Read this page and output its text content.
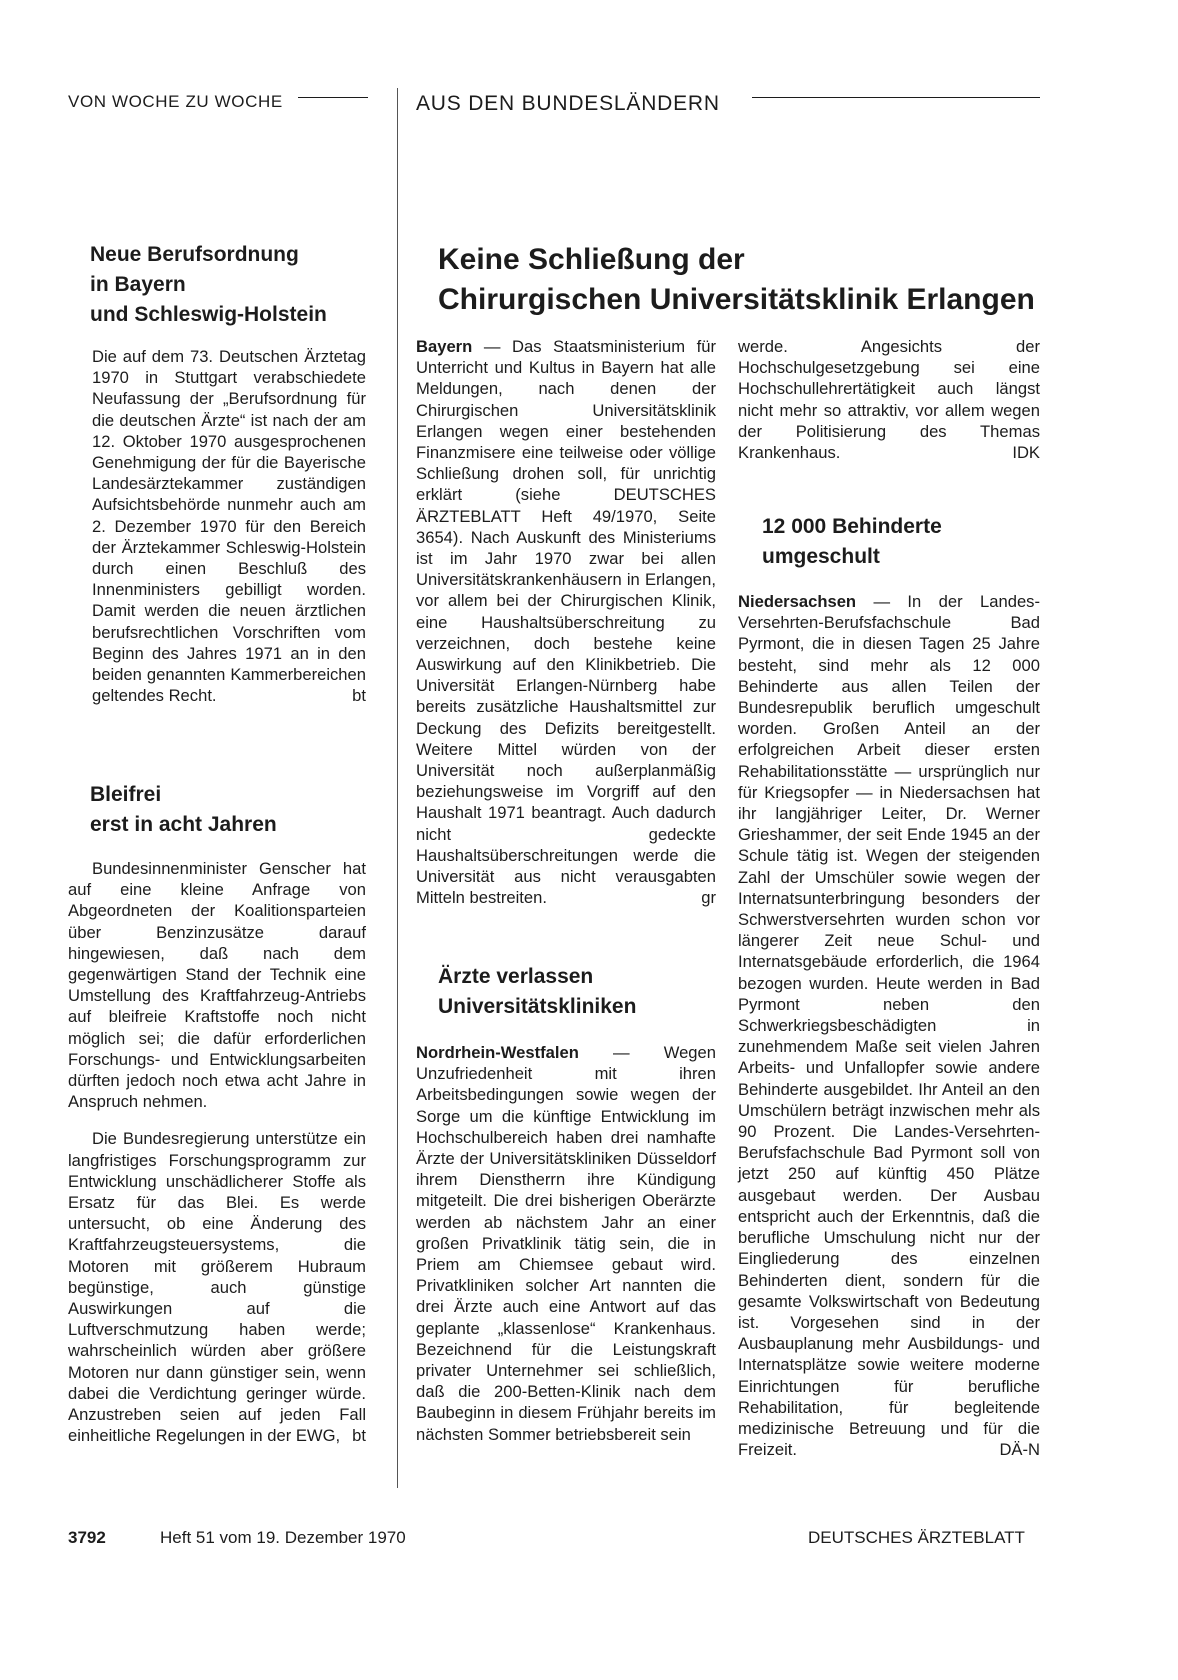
VON WOCHE ZU WOCHE	AUS DEN BUNDESLÄNDERN
Neue Berufsordnung
in Bayern
und Schleswig-Holstein

Die auf dem 73. Deutschen Ärztetag 1970 in Stuttgart verabschiedete Neufassung der „Berufsordnung für die deutschen Ärzte“ ist nach der am 12. Oktober 1970 ausgesprochenen Genehmigung der für die Bayerische Landesärztekammer zuständigen Aufsichtsbehörde nunmehr auch am 2. Dezember 1970 für den Bereich der Ärztekammer Schleswig-Holstein durch einen Beschluß des Innenministers gebilligt worden. Damit werden die neuen ärztlichen berufsrechtlichen Vorschriften vom Beginn des Jahres 1971 an in den beiden genannten Kammerbereichen geltendes Recht.	bt

Bleifrei
erst in acht Jahren

Bundesinnenminister Genscher hat auf eine kleine Anfrage von Abgeordneten der Koalitionsparteien über Benzinzusätze darauf hingewiesen, daß nach dem gegenwärtigen Stand der Technik eine Umstellung des Kraftfahrzeug-Antriebs auf bleifreie Kraftstoffe noch nicht möglich sei; die dafür erforderlichen Forschungs- und Entwicklungsarbeiten dürften jedoch noch etwa acht Jahre in Anspruch nehmen.

Die Bundesregierung unterstütze ein langfristiges Forschungsprogramm zur Entwicklung unschädlicherer Stoffe als Ersatz für das Blei. Es werde untersucht, ob eine Änderung des Kraftfahrzeugsteuersystems, die Motoren mit größerem Hubraum begünstige, auch günstige Auswirkungen auf die Luftverschmutzung haben werde; wahrscheinlich würden aber größere Motoren nur dann günstiger sein, wenn dabei die Verdichtung geringer würde. Anzustreben seien auf jeden Fall einheitliche Regelungen in der EWG, bt

Keine Schließung der
Chirurgischen Universitätsklinik Erlangen

Bayern — Das Staatsministerium für Unterricht und Kultus in Bayern hat alle Meldungen, nach denen der Chirurgischen Universitätsklinik Erlangen wegen einer bestehenden Finanzmisere eine teilweise oder völlige Schließung drohen soll, für unrichtig erklärt (siehe DEUTSCHES ÄRZTEBLATT Heft 49/1970, Seite 3654). Nach Auskunft des Ministeriums ist im Jahr 1970 zwar bei allen Universitätskrankenhäusern in Erlangen, vor allem bei der Chirurgischen Klinik, eine Haushaltsüberschreitung zu verzeichnen, doch bestehe keine Auswirkung auf den Klinikbetrieb. Die Universität Erlangen-Nürnberg habe bereits zusätzliche Haushaltsmittel zur Deckung des Defizits bereitgestellt. Weitere Mittel würden von der Universität noch außerplanmäßig beziehungsweise im Vorgriff auf den Haushalt 1971 beantragt. Auch dadurch nicht gedeckte Haushaltsüberschreitungen werde die Universität aus nicht verausgabten Mitteln bestreiten.	gr

Ärzte verlassen
Universitätskliniken

Nordrhein-Westfalen — Wegen Unzufriedenheit mit ihren Arbeitsbedingungen sowie wegen der Sorge um die künftige Entwicklung im Hochschulbereich haben drei namhafte Ärzte der Universitätskliniken Düsseldorf ihrem Dienstherrn ihre Kündigung mitgeteilt. Die drei bisherigen Oberärzte werden ab nächstem Jahr an einer großen Privatklinik tätig sein, die in Priem am Chiemsee gebaut wird. Privatkliniken solcher Art nannten die drei Ärzte auch eine Antwort auf das geplante „klassenlose“ Krankenhaus. Bezeichnend für die Leistungskraft privater Unternehmer sei schließlich, daß die 200-Betten-Klinik nach dem Baubeginn in diesem Frühjahr bereits im nächsten Sommer betriebsbereit sein

werde. Angesichts der Hochschulgesetzgebung sei eine Hochschullehrertätigkeit auch längst nicht mehr so attraktiv, vor allem wegen der Politisierung des Themas Krankenhaus.	IDK

12 000 Behinderte
umgeschult

Niedersachsen — In der Landes-Versehrten-Berufsfachschule Bad Pyrmont, die in diesen Tagen 25 Jahre besteht, sind mehr als 12 000 Behinderte aus allen Teilen der Bundesrepublik beruflich umgeschult worden. Großen Anteil an der erfolgreichen Arbeit dieser ersten Rehabilitationsstätte — ursprünglich nur für Kriegsopfer — in Niedersachsen hat ihr langjähriger Leiter, Dr. Werner Grieshammer, der seit Ende 1945 an der Schule tätig ist. Wegen der steigenden Zahl der Umschüler sowie wegen der Internatsunterbringung besonders der Schwerstversehrten wurden schon vor längerer Zeit neue Schul- und Internatsgebäude erforderlich, die 1964 bezogen wurden. Heute werden in Bad Pyrmont neben den Schwerkriegsbeschädigten in zunehmendem Maße seit vielen Jahren Arbeits- und Unfallopfer sowie andere Behinderte ausgebildet. Ihr Anteil an den Umschülern beträgt inzwischen mehr als 90 Prozent. Die Landes-Versehrten-Berufsfachschule Bad Pyrmont soll von jetzt 250 auf künftig 450 Plätze ausgebaut werden. Der Ausbau entspricht auch der Erkenntnis, daß die berufliche Umschulung nicht nur der Eingliederung des einzelnen Behinderten dient, sondern für die gesamte Volkswirtschaft von Bedeutung ist. Vorgesehen sind in der Ausbauplanung mehr Ausbildungs- und Internatsplätze sowie weitere moderne Einrichtungen für berufliche Rehabilitation, für begleitende medizinische Betreuung und für die Freizeit.	DÄ-N

3792	Heft 51 vom 19. Dezember 1970	DEUTSCHES ÄRZTEBLATT
